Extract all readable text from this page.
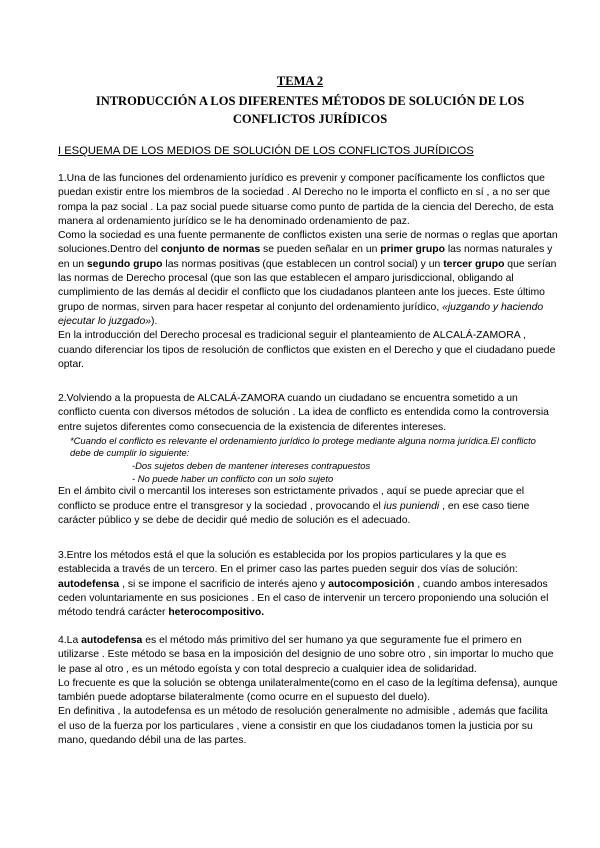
TEMA 2
INTRODUCCIÓN A LOS DIFERENTES MÉTODOS DE SOLUCIÓN DE LOS CONFLICTOS JURÍDICOS
I ESQUEMA DE LOS MEDIOS DE SOLUCIÓN DE LOS CONFLICTOS JURÍDICOS

1.Una de las funciones del ordenamiento jurídico es prevenir y componer pacíficamente los conflictos que puedan existir entre los miembros de la sociedad . Al Derecho no le importa el conflicto en sí , a no ser que rompa la paz social . La paz social puede situarse como punto de partida de la ciencia del Derecho, de esta manera al ordenamiento jurídico se le ha denominado ordenamiento de paz.

Como la sociedad es una fuente permanente de conflictos existen una serie de normas o reglas que aportan soluciones.Dentro del conjunto de normas se pueden señalar en un primer grupo las normas naturales y en un segundo grupo las normas positivas (que establecen un control social) y un tercer grupo que serían las normas de Derecho procesal (que son las que establecen el amparo jurisdiccional, obligando al cumplimiento de las demás al decidir el conflicto que los ciudadanos planteen ante los jueces. Este último grupo de normas, sirven para hacer respetar al conjunto del ordenamiento jurídico, «juzgando y haciendo ejecutar lo juzgado»).

En la introducción del Derecho procesal es tradicional seguir el planteamiento de ALCALÁ-ZAMORA , cuando diferenciar los tipos de resolución de conflictos que existen en el Derecho y que el ciudadano puede optar.

2.Volviendo a la propuesta de ALCALÁ-ZAMORA cuando un ciudadano se encuentra sometido a un conflicto cuenta con diversos métodos de solución . La idea de conflicto es entendida como la controversia entre sujetos diferentes como consecuencia de la existencia de diferentes intereses.

*Cuando el conflicto es relevante el ordenamiento jurídico lo protege mediante alguna norma jurídica.El conflicto debe de cumplir lo siguiente:

-Dos sujetos deben de mantener intereses contrapuestos

- No puede haber un conflicto con un solo sujeto

En el ámbito civil o mercantil los intereses son estrictamente privados , aquí se puede apreciar que el conflicto se produce entre el transgresor y la sociedad , provocando el ius puniendi , en ese caso tiene carácter público y se debe de decidir qué medio de solución es el adecuado.

3.Entre los métodos está el que la solución es establecida por los propios particulares y la que es establecida a través de un tercero. En el primer caso las partes pueden seguir dos vías de solución: autodefensa , si se impone el sacrificio de interés ajeno y autocomposición , cuando ambos interesados ceden voluntariamente en sus posiciones . En el caso de intervenir un tercero proponiendo una solución el método tendrá carácter heterocompositivo.

4.La autodefensa es el método más primitivo del ser humano ya que seguramente fue el primero en utilizarse . Este método se basa en la imposición del designio de uno sobre otro , sin importar lo mucho que le pase al otro , es un método egoísta y con total desprecio a cualquier idea de solidaridad.

Lo frecuente es que la solución se obtenga unilateralmente(como en el caso de la legítima defensa), aunque también puede adoptarse bilateralmente (como ocurre en el supuesto del duelo).

En definitiva , la autodefensa es un método de resolución generalmente no admisible , además que facilita el uso de la fuerza por los particulares , viene a consistir en que los ciudadanos tomen la justicia por su mano, quedando débil una de las partes.
